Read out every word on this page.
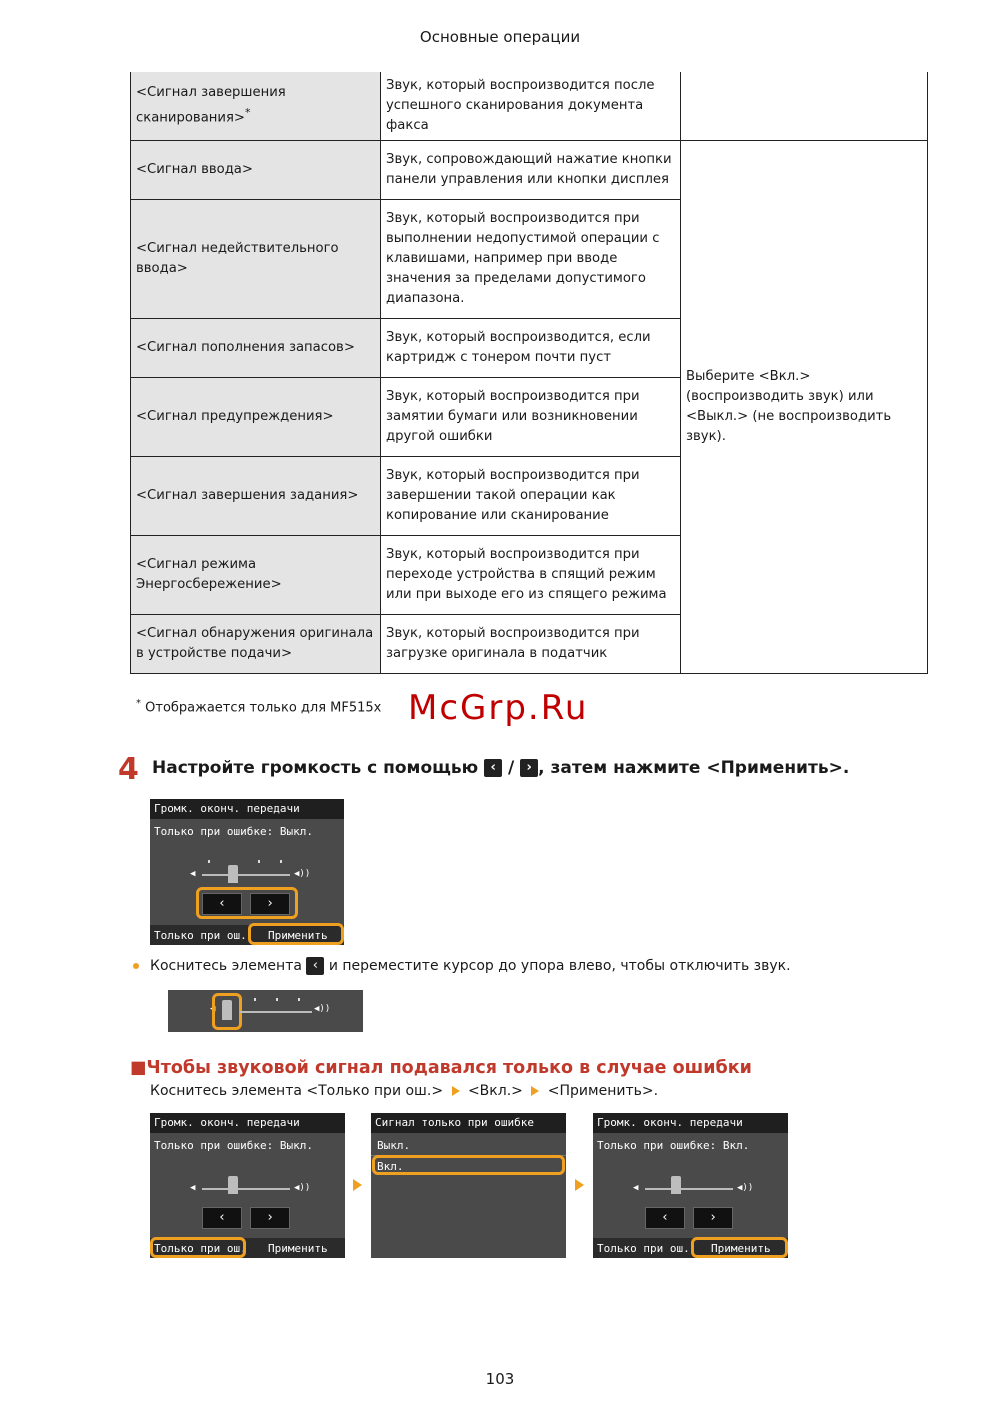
Основные операции
<Сигнал завершения сканирования>*	Звук, который воспроизводится после успешного сканирования документа факса	
<Сигнал ввода>	Звук, сопровождающий нажатие кнопки панели управления или кнопки дисплея	Выберите <Вкл.> (воспроизводить звук) или <Выкл.> (не воспроизводить звук).
<Сигнал недействительного ввода>	Звук, который воспроизводится при выполнении недопустимой операции с клавишами, например при вводе значения за пределами допустимого диапазона.	
<Сигнал пополнения запасов>	Звук, который воспроизводится, если картридж с тонером почти пуст	
<Сигнал предупреждения>	Звук, который воспроизводится при замятии бумаги или возникновении другой ошибки	
<Сигнал завершения задания>	Звук, который воспроизводится при завершении такой операции как копирование или сканирование	
<Сигнал режима Энергосбережение>	Звук, который воспроизводится при переходе устройства в спящий режим или при выходе его из спящего режима	
<Сигнал обнаружения оригинала в устройстве подачи>	Звук, который воспроизводится при загрузке оригинала в податчик	
* Отображается только для MF515x McGrp.Ru
4 Настройте громкость с помощью ‹ / › , затем нажмите <Применить>.
Громк. оконч. передачи
Только при ошибке: Выкл.
◀	◀))
‹	›
Только при ош. Применить
Коснитесь элемента ‹ и переместите курсор до упора влево, чтобы отключить звук.
◀	◀))
■Чтобы звуковой сигнал подавался только в случае ошибки
Коснитесь элемента <Только при ош.>  <Вкл.>  <Применить>.
Громк. оконч. передачи
Только при ошибке: Выкл.
◀	◀))
‹	›
Только при ош. Применить
Сигнал только при ошибке
Выкл.
Вкл.
Громк. оконч. передачи
Только при ошибке: Вкл.
◀	◀))
‹	›
Только при ош. Применить
103
